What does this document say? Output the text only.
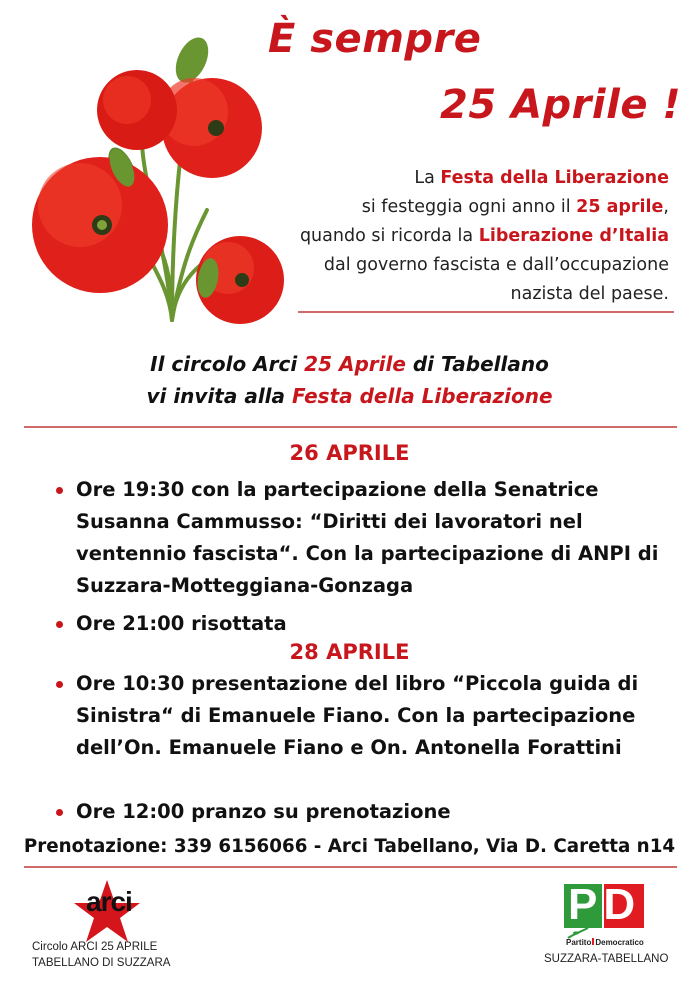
È sempre
25 Aprile !
La Festa della Liberazione
si festeggia ogni anno il 25 aprile,
quando si ricorda la Liberazione d’Italia
dal governo fascista e dall’occupazione
nazista del paese.
Il circolo Arci 25 Aprile di Tabellano
vi invita alla Festa della Liberazione
26 APRILE
Ore 19:30 con la partecipazione della Senatrice Susanna Cammusso: “Diritti dei lavoratori nel ventennio fascista“. Con la partecipazione di ANPI di Suzzara-Motteggiana-Gonzaga
Ore 21:00 risottata
28 APRILE
Ore 10:30 presentazione del libro “Piccola guida di Sinistra“ di Emanuele Fiano. Con la partecipazione dell’On. Emanuele Fiano e On. Antonella Forattini
Ore 12:00 pranzo su prenotazione
Prenotazione: 339 6156066 - Arci Tabellano, Via D. Caretta n14
arci
Circolo ARCI 25 APRILE
TABELLANO DI SUZZARA
PD
Partito Democratico
SUZZARA-TABELLANO
